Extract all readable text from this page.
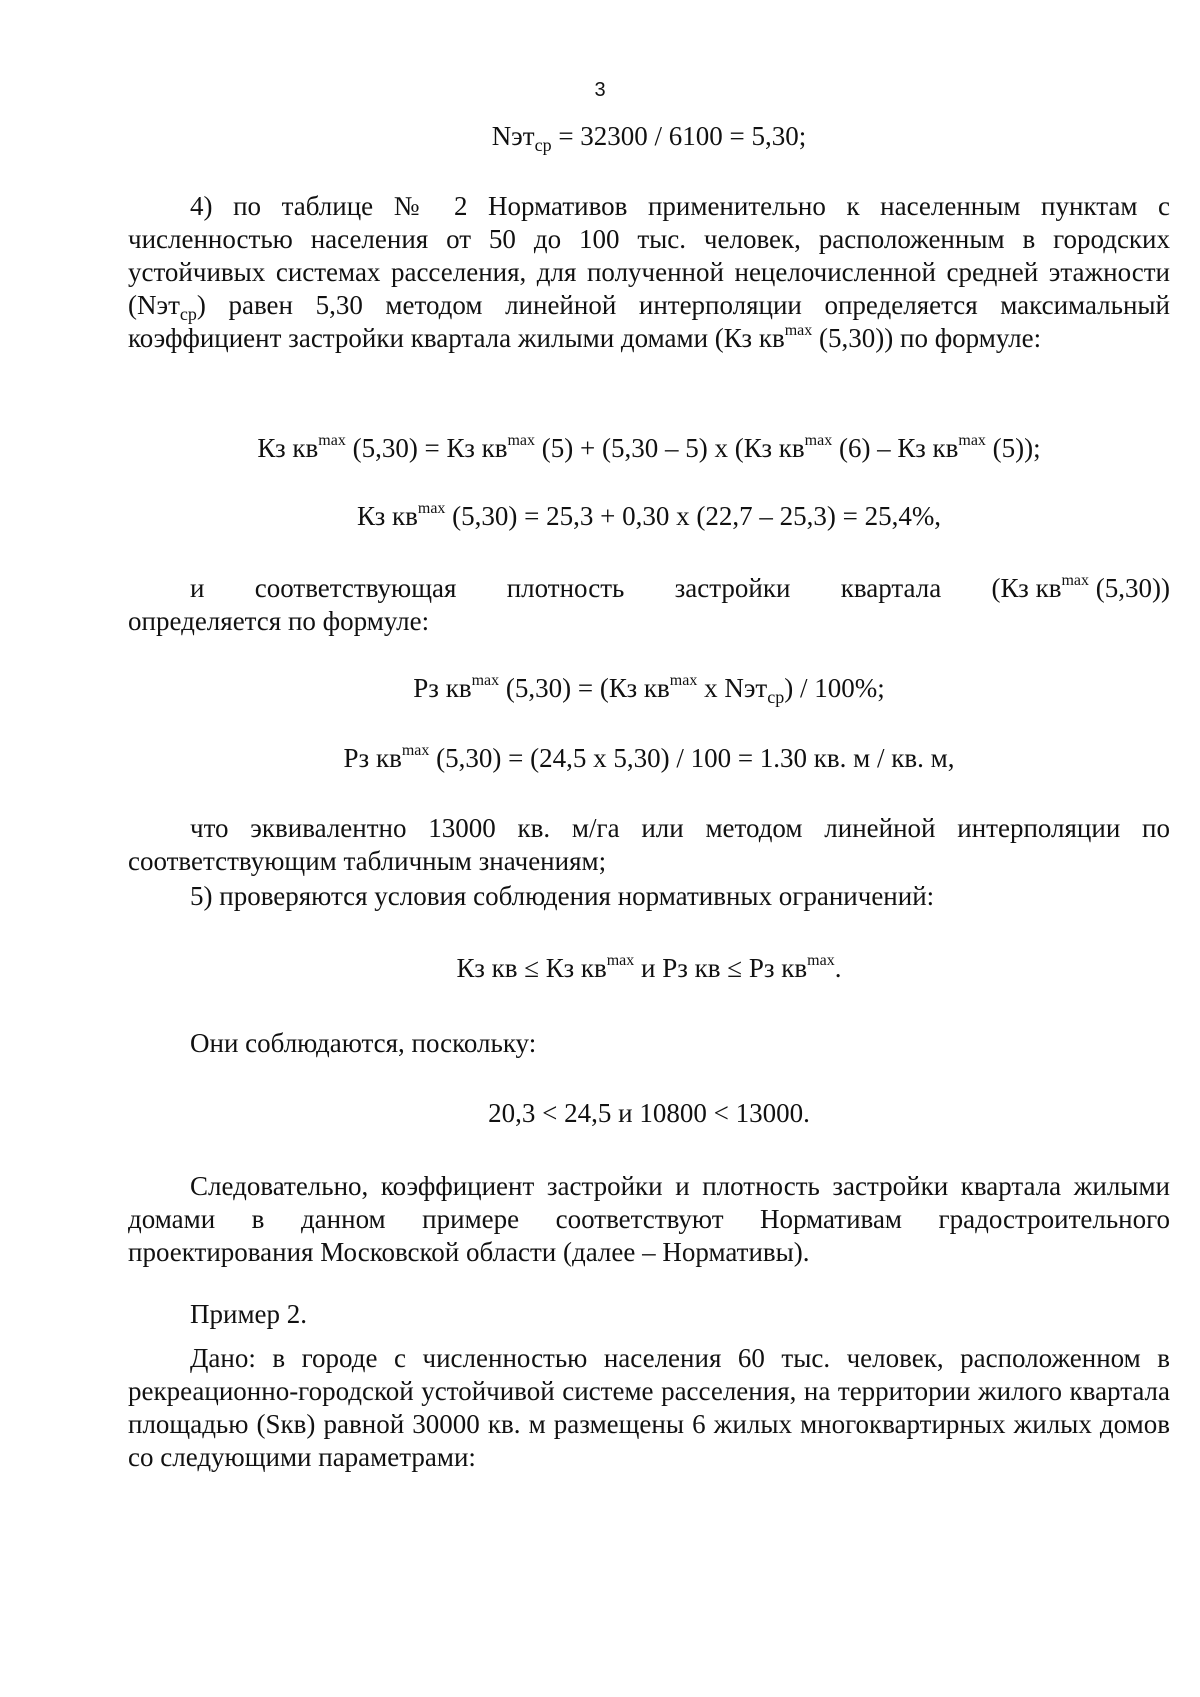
3
Nэт$_{ср}$ = 32300 / 6100 = 5,30;
4) по таблице № 2 Нормативов применительно к населенным пунктам с численностью населения от 50 до 100 тыс. человек, расположенным в городских устойчивых системах расселения, для полученной нецелочисленной средней этажности (Nэт$_{ср}$) равен 5,30 методом линейной интерполяции определяется максимальный коэффициент застройки квартала жилыми домами (Кз $кв^{max}$ (5,30)) по формуле:
Кз $кв^{max}$ (5,30) = Кз $кв^{max}$ (5) + (5,30 – 5) х (Кз $кв^{max}$ (6) – Кз $кв^{max}$ (5));
Кз $кв^{max}$ (5,30) = 25,3 + 0,30 х (22,7 – 25,3) = 25,4%,
и соответствующая плотность застройки квартала (Кз $кв^{max}$ (5,30))
определяется по формуле:
Рз $кв^{max}$ (5,30) = (Кз $кв^{max}$ х Nэт$_{ср}$) / 100%;
Рз $кв^{max}$ (5,30) = (24,5 х 5,30) / 100 = 1.30 кв. м / кв. м,
что эквивалентно 13000 кв. м/га или методом линейной интерполяции по соответствующим табличным значениям;
5) проверяются условия соблюдения нормативных ограничений:
Кз кв ≤ Кз $кв^{max}$ и Рз кв ≤ Рз $кв^{max}$.
Они соблюдаются, поскольку:
20,3 < 24,5 и 10800 < 13000.
Следовательно, коэффициент застройки и плотность застройки квартала жилыми домами в данном примере соответствуют Нормативам градостроительного проектирования Московской области (далее – Нормативы).
Пример 2.
Дано: в городе с численностью населения 60 тыс. человек, расположенном в рекреационно-городской устойчивой системе расселения, на территории жилого квартала площадью (Sкв) равной 30000 кв. м размещены 6 жилых многоквартирных жилых домов со следующими параметрами:
